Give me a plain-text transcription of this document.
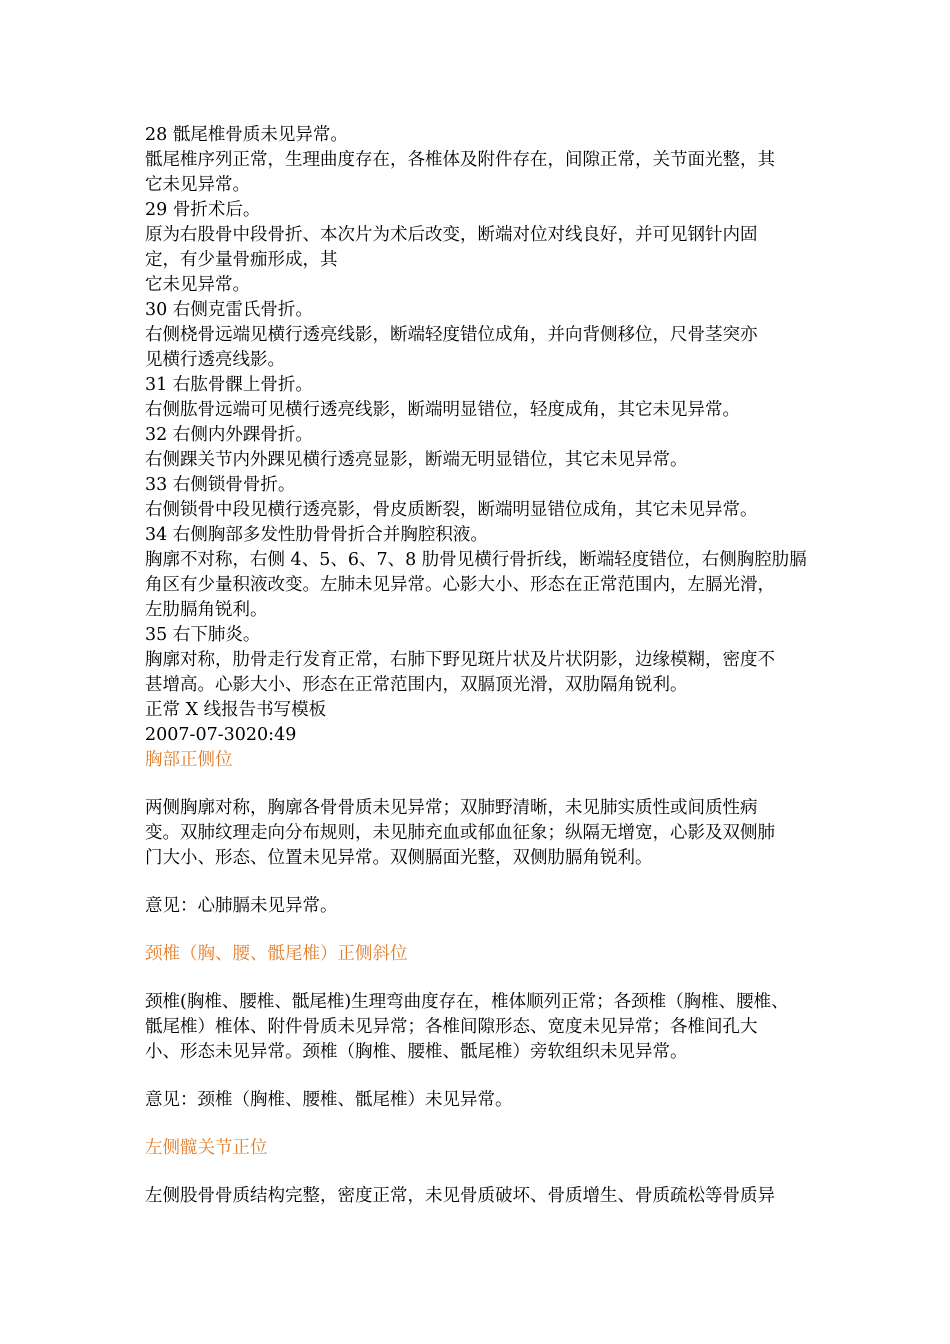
28 骶尾椎骨质未见异常。
骶尾椎序列正常，生理曲度存在，各椎体及附件存在，间隙正常，关节面光整，其
它未见异常。
29 骨折术后。
原为右股骨中段骨折、本次片为术后改变，断端对位对线良好，并可见钢针内固
定，有少量骨痂形成，其
它未见异常。
30 右侧克雷氏骨折。
右侧桡骨远端见横行透亮线影，断端轻度错位成角，并向背侧移位，尺骨茎突亦
见横行透亮线影。
31 右肱骨髁上骨折。
右侧肱骨远端可见横行透亮线影，断端明显错位，轻度成角，其它未见异常。
32 右侧内外踝骨折。
右侧踝关节内外踝见横行透亮显影，断端无明显错位，其它未见异常。
33 右侧锁骨骨折。
右侧锁骨中段见横行透亮影，骨皮质断裂，断端明显错位成角，其它未见异常。
34 右侧胸部多发性肋骨骨折合并胸腔积液。
胸廓不对称，右侧 4、5、6、7、8 肋骨见横行骨折线，断端轻度错位，右侧胸腔肋膈
角区有少量积液改变。左肺未见异常。心影大小、形态在正常范围内，左膈光滑，
左肋膈角锐利。
35 右下肺炎。
胸廓对称，肋骨走行发育正常，右肺下野见斑片状及片状阴影，边缘模糊，密度不
甚增高。心影大小、形态在正常范围内，双膈顶光滑，双肋隔角锐利。
正常 X 线报告书写模板
2007-07-3020:49
胸部正侧位
两侧胸廓对称，胸廓各骨骨质未见异常；双肺野清晰，未见肺实质性或间质性病
变。双肺纹理走向分布规则，未见肺充血或郁血征象；纵隔无增宽，心影及双侧肺
门大小、形态、位置未见异常。双侧膈面光整，双侧肋膈角锐利。
意见：心肺膈未见异常。
颈椎（胸、腰、骶尾椎）正侧斜位
颈椎(胸椎、腰椎、骶尾椎)生理弯曲度存在，椎体顺列正常；各颈椎（胸椎、腰椎、
骶尾椎）椎体、附件骨质未见异常；各椎间隙形态、宽度未见异常；各椎间孔大
小、形态未见异常。颈椎（胸椎、腰椎、骶尾椎）旁软组织未见异常。
意见：颈椎（胸椎、腰椎、骶尾椎）未见异常。
左侧髋关节正位
左侧股骨骨质结构完整，密度正常，未见骨质破坏、骨质增生、骨质疏松等骨质异
